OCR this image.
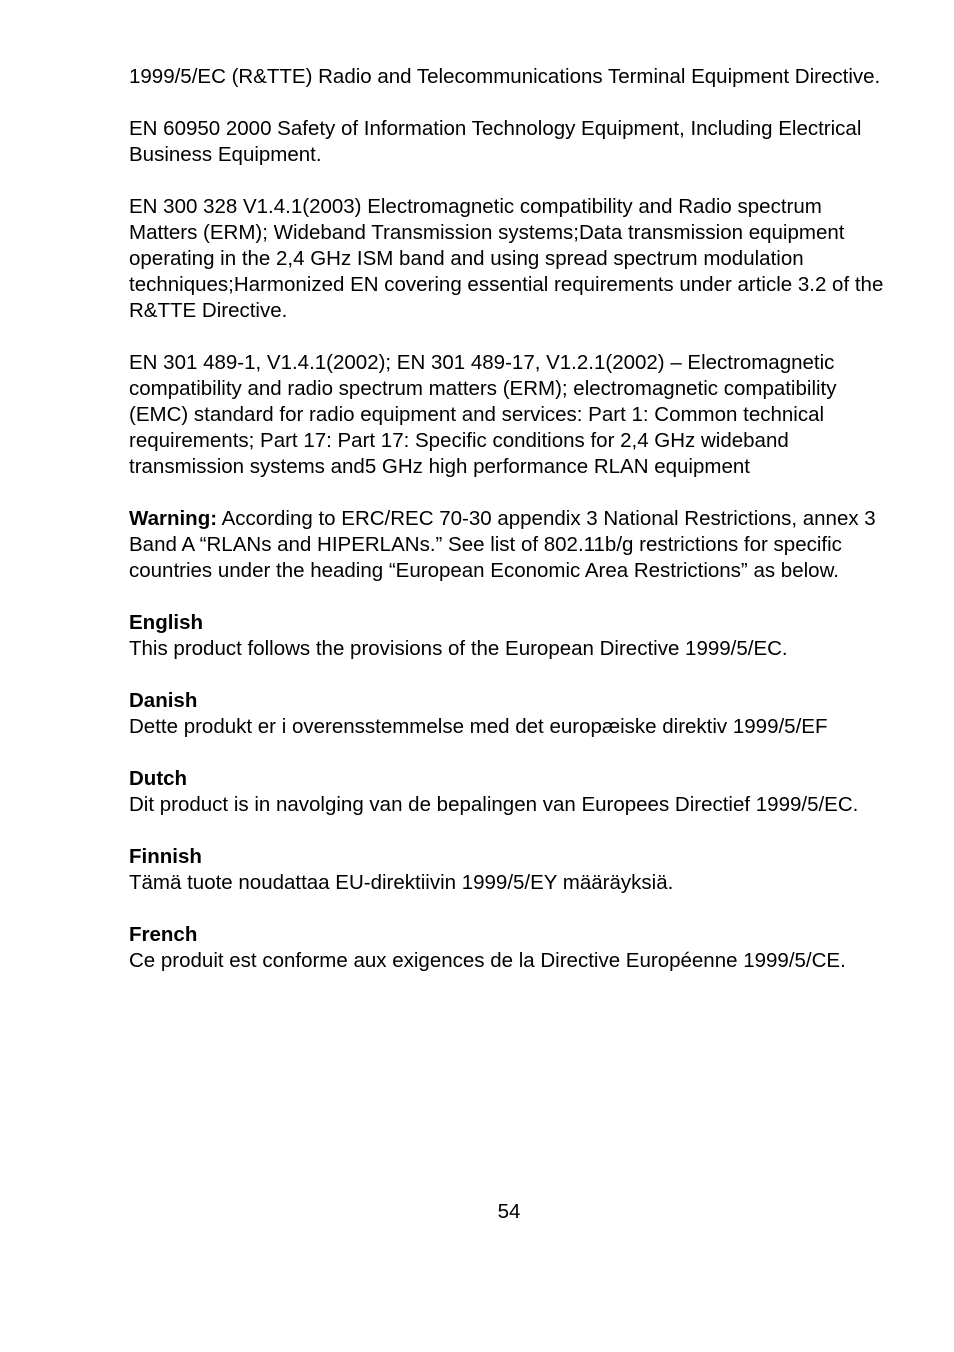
1999/5/EC (R&TTE) Radio and Telecommunications Terminal Equipment Directive.

EN 60950 2000 Safety of Information Technology Equipment, Including Electrical Business Equipment.

EN 300 328 V1.4.1(2003) Electromagnetic compatibility and Radio spectrum Matters (ERM); Wideband Transmission systems;Data transmission equipment operating in the 2,4 GHz ISM band and using spread spectrum modulation techniques;Harmonized EN covering essential requirements under article 3.2 of the R&TTE Directive.

EN 301 489-1, V1.4.1(2002); EN 301 489-17, V1.2.1(2002) – Electromagnetic compatibility and radio spectrum matters (ERM); electromagnetic compatibility (EMC) standard for radio equipment and services: Part 1: Common technical requirements; Part 17: Part 17: Specific conditions for 2,4 GHz wideband transmission systems and5 GHz high performance RLAN equipment

Warning: According to ERC/REC 70-30 appendix 3 National Restrictions, annex 3 Band A “RLANs and HIPERLANs.” See list of 802.11b/g restrictions for specific countries under the heading “European Economic Area Restrictions” as below.

English
This product follows the provisions of the European Directive 1999/5/EC.
Danish
Dette produkt er i overensstemmelse med det europæiske direktiv 1999/5/EF
Dutch
Dit product is in navolging van de bepalingen van Europees Directief 1999/5/EC.
Finnish
Tämä tuote noudattaa EU-direktiivin 1999/5/EY määräyksiä.
French
Ce produit est conforme aux exigences de la Directive Européenne 1999/5/CE.
54
